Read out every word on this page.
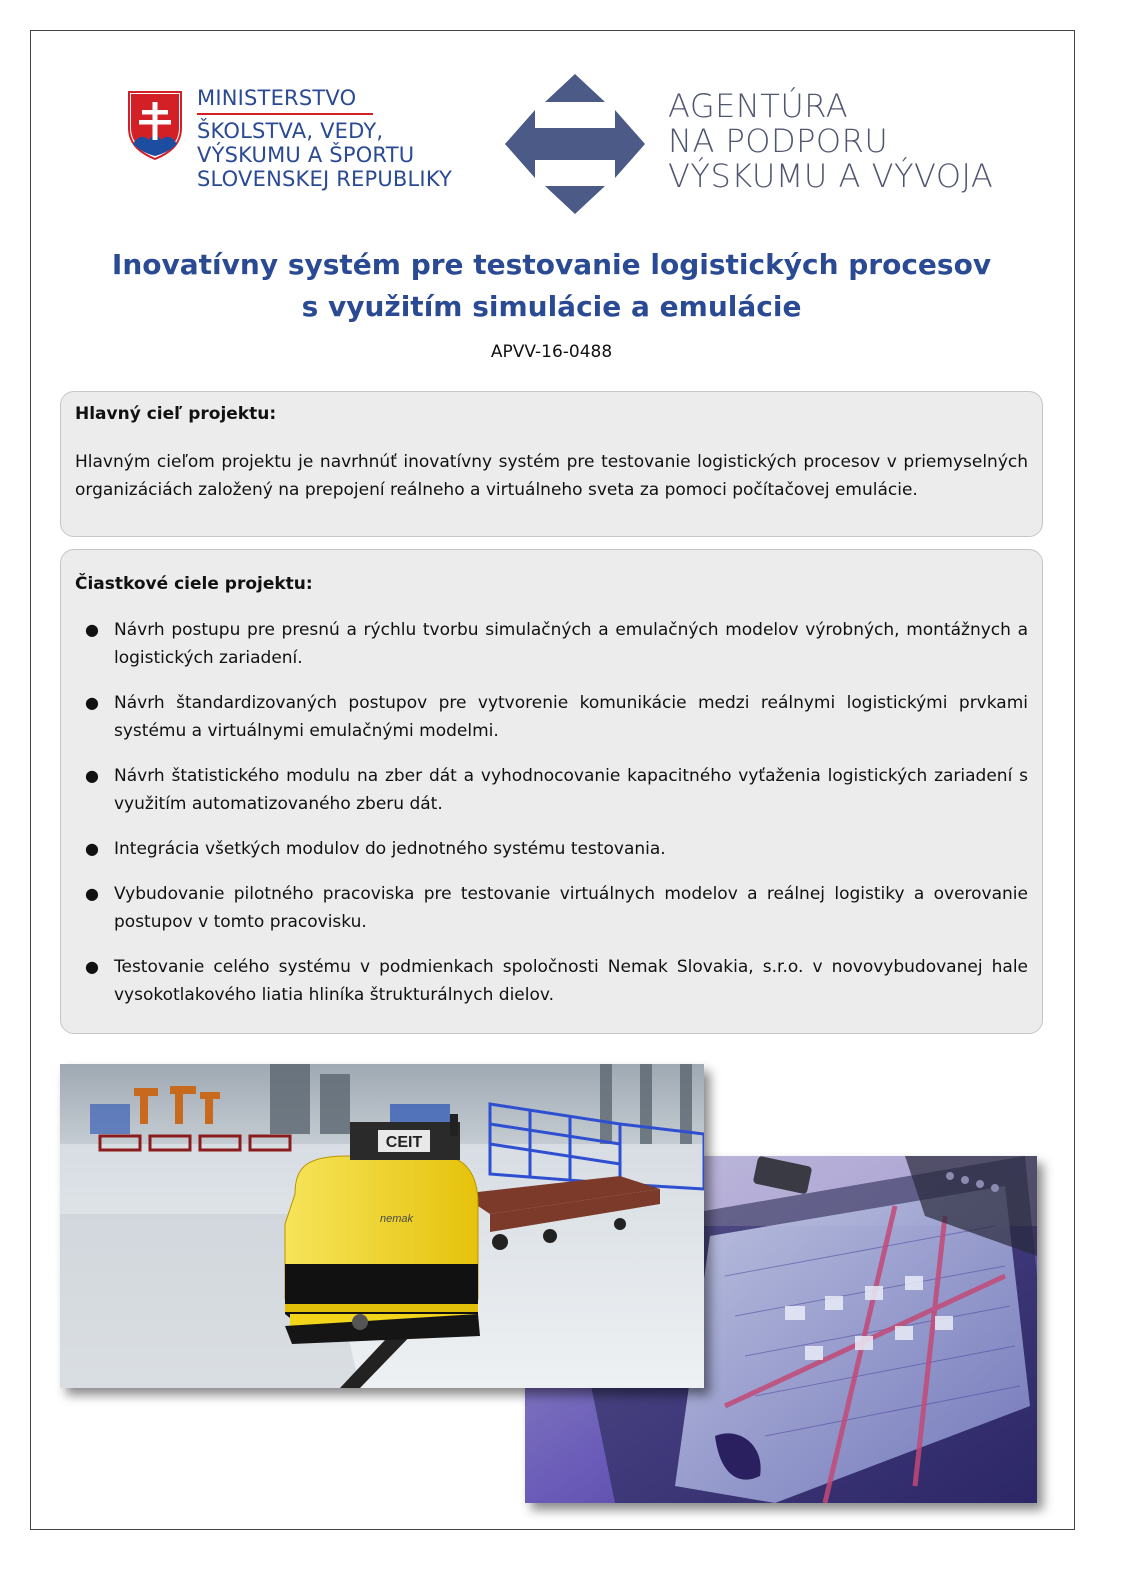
MINISTERSTVO
ŠKOLSTVA, VEDY,
VÝSKUMU A ŠPORTU
SLOVENSKEJ REPUBLIKY
AGENTÚRA
NA PODPORU
VÝSKUMU A VÝVOJA
Inovatívny systém pre testovanie logistických procesov
s využitím simulácie a emulácie
APVV-16-0488
Hlavný cieľ projektu:
Hlavným cieľom projektu je navrhnúť inovatívny systém pre testovanie logistických procesov v priemyselných organizáciách založený na prepojení reálneho a virtuálneho sveta za pomoci počítačovej emulácie.
Čiastkové ciele projektu:
● Návrh postupu pre presnú a rýchlu tvorbu simulačných a emulačných modelov výrobných, montážnych a logistických zariadení.
● Návrh štandardizovaných postupov pre vytvorenie komunikácie medzi reálnymi logistickými prvkami systému a virtuálnymi emulačnými modelmi.
● Návrh štatistického modulu na zber dát a vyhodnocovanie kapacitného vyťaženia logistických zariadení s využitím automatizovaného zberu dát.
● Integrácia všetkých modulov do jednotného systému testovania.
● Vybudovanie pilotného pracoviska pre testovanie virtuálnych modelov a reálnej logistiky a overovanie postupov v tomto pracovisku.
● Testovanie celého systému v podmienkach spoločnosti Nemak Slovakia, s.r.o. v novovybudovanej hale vysokotlakového liatia hliníka štrukturálnych dielov.
CEIT
nemak
